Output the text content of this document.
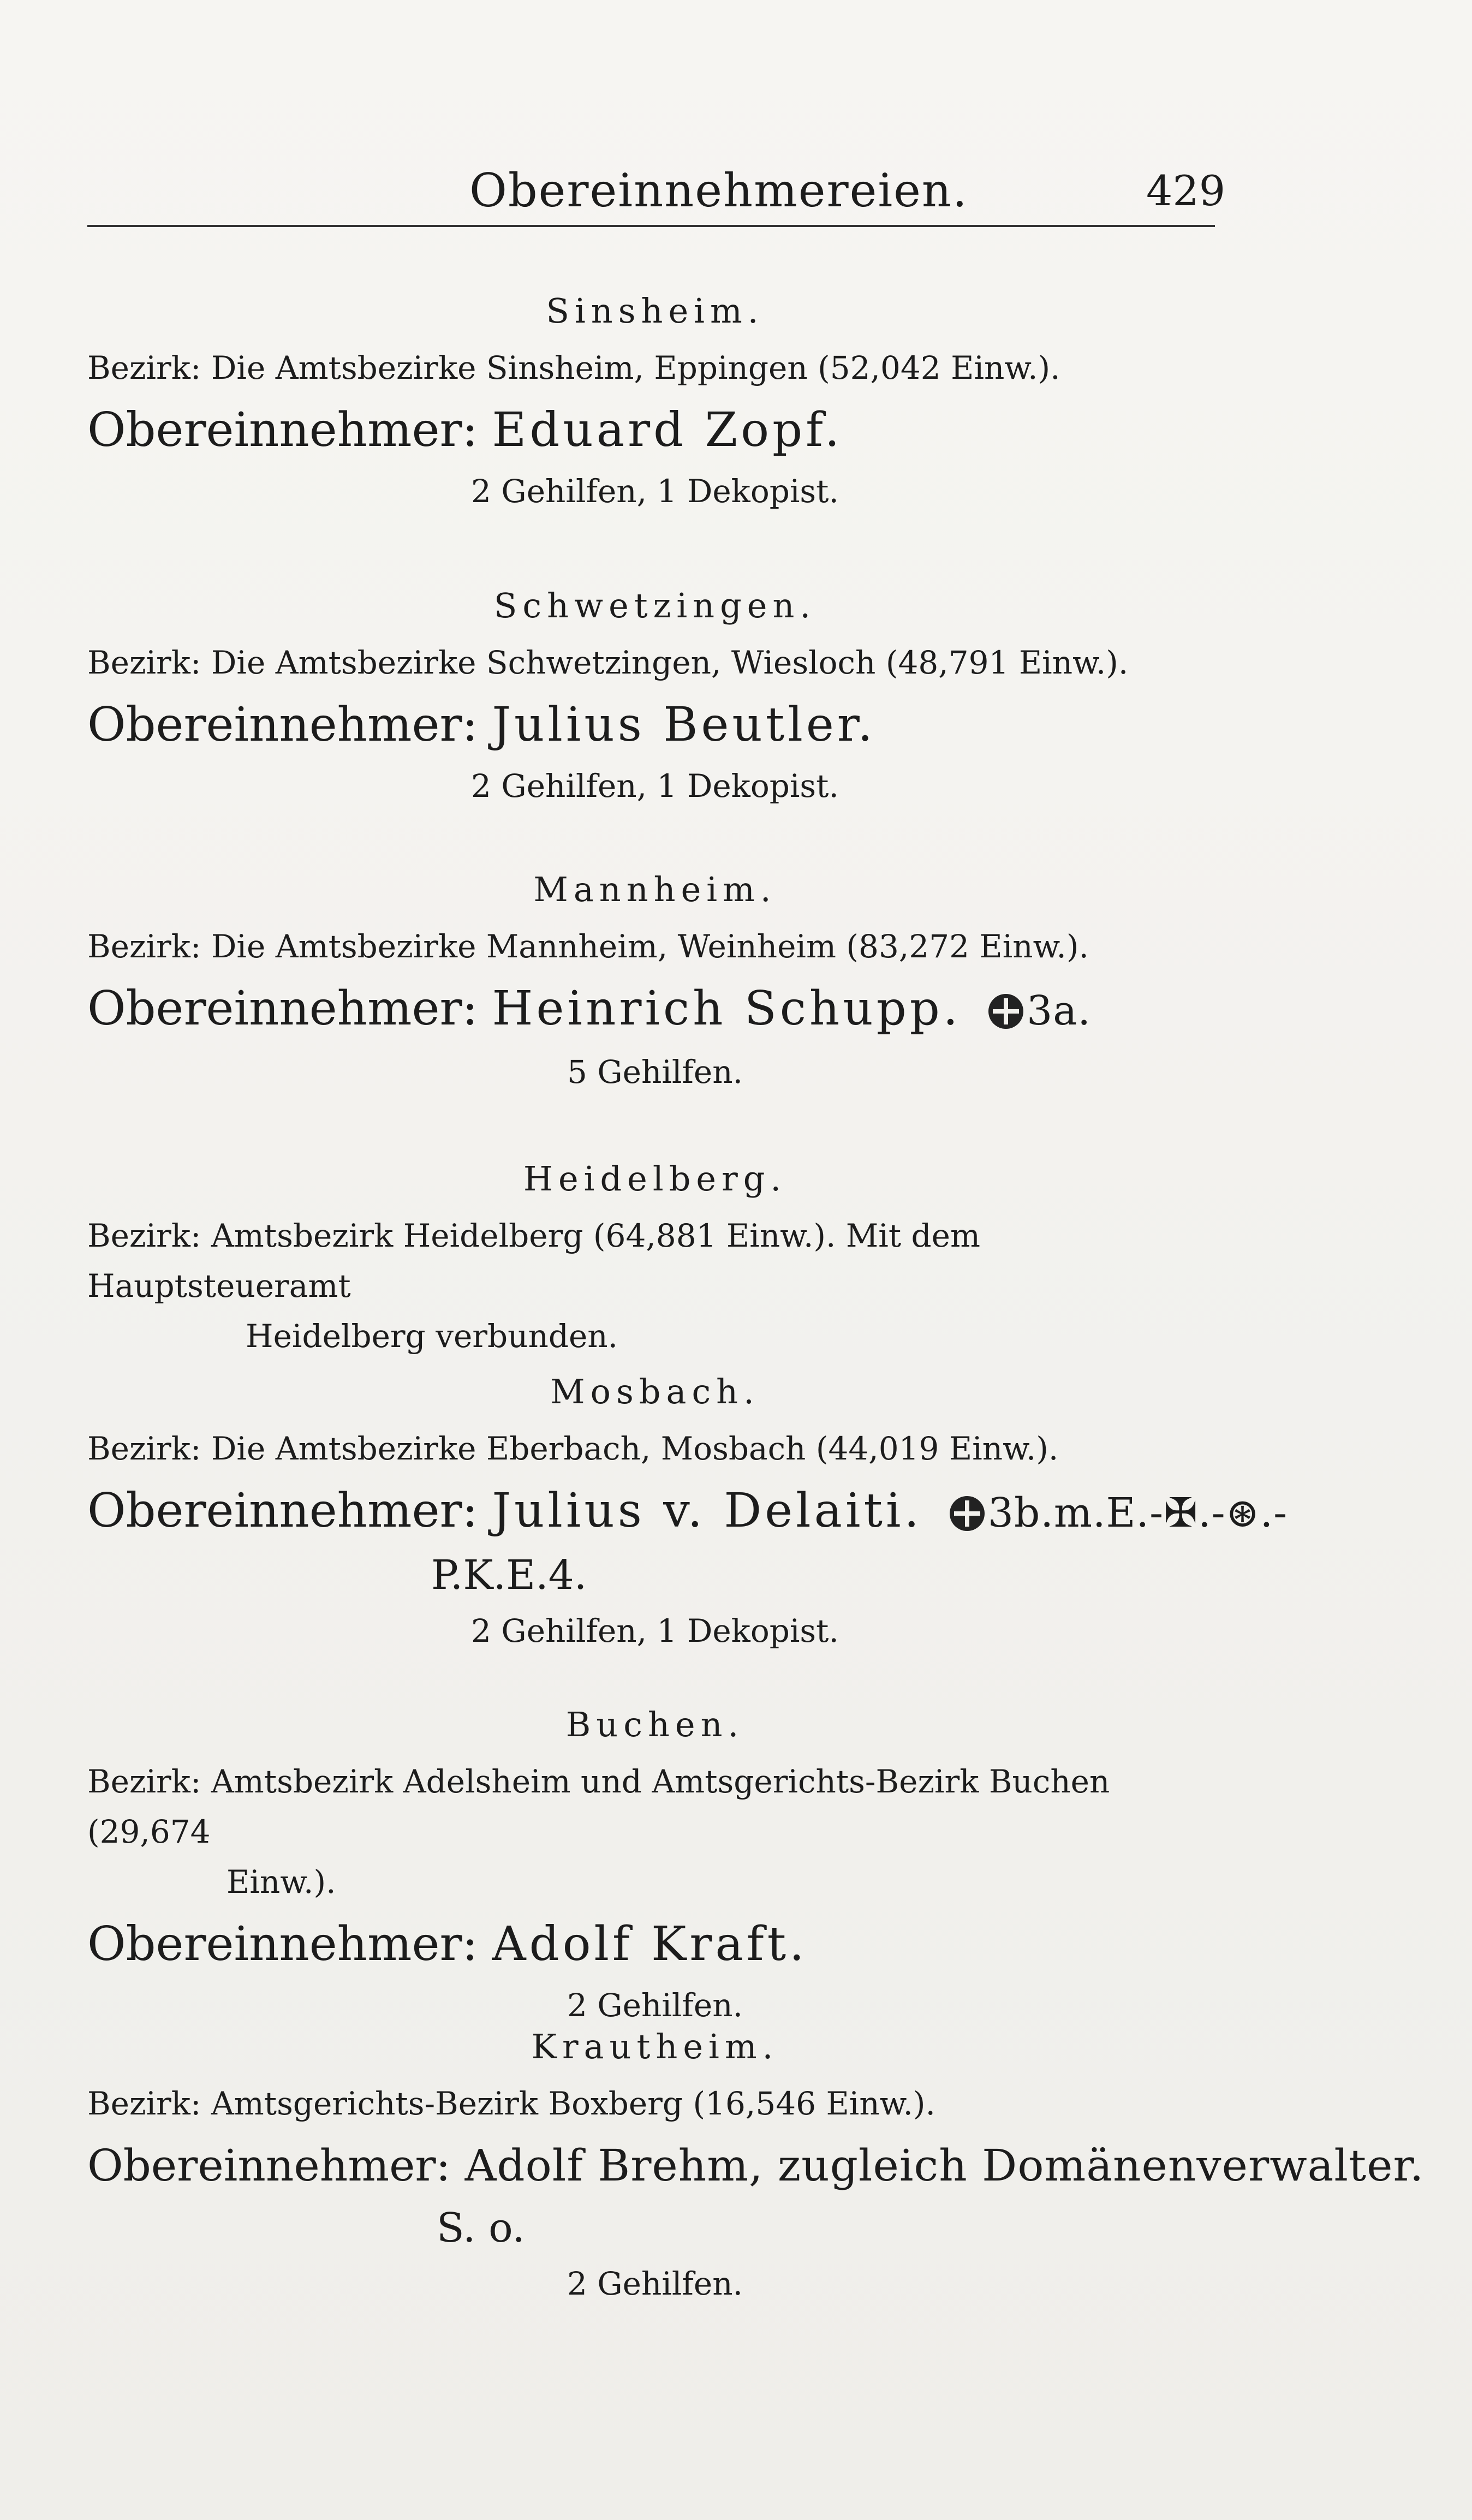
Obereinnehmereien.	429
Sinsheim.
Bezirk: Die Amtsbezirke Sinsheim, Eppingen (52,042 Einw.).
Obereinnehmer: Eduard Zopf.
2 Gehilfen, 1 Dekopist.
Schwetzingen.
Bezirk: Die Amtsbezirke Schwetzingen, Wiesloch (48,791 Einw.).
Obereinnehmer: Julius Beutler.
2 Gehilfen, 1 Dekopist.
Mannheim.
Bezirk: Die Amtsbezirke Mannheim, Weinheim (83,272 Einw.).
Obereinnehmer: Heinrich Schupp. 3a.
5 Gehilfen.
Heidelberg.
Bezirk: Amtsbezirk Heidelberg (64,881 Einw.). Mit dem Hauptsteueramt
Heidelberg verbunden.
Mosbach.
Bezirk: Die Amtsbezirke Eberbach, Mosbach (44,019 Einw.).
Obereinnehmer: Julius v. Delaiti. 3b.m.E.-✠.-⊛.-
P.K.E.4.
2 Gehilfen, 1 Dekopist.
Buchen.
Bezirk: Amtsbezirk Adelsheim und Amtsgerichts-Bezirk Buchen (29,674
Einw.).
Obereinnehmer: Adolf Kraft.
2 Gehilfen.
Krautheim.
Bezirk: Amtsgerichts-Bezirk Boxberg (16,546 Einw.).
Obereinnehmer: Adolf Brehm, zugleich Domänenverwalter.
S. o.
2 Gehilfen.
